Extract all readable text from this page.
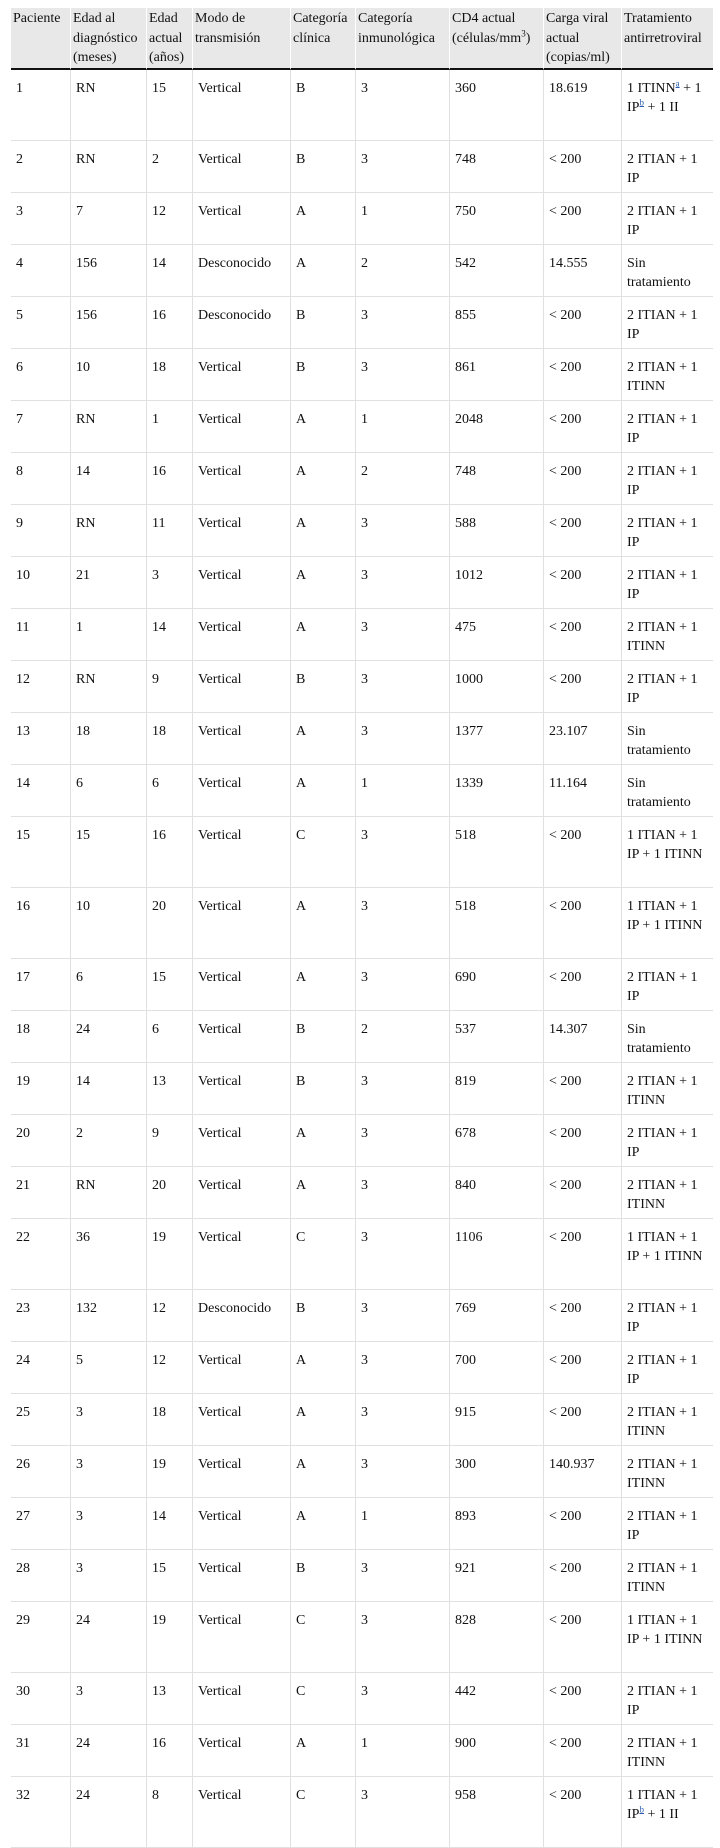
Paciente	Edad al diagnóstico (meses)	Edad actual (años)	Modo de transmisión	Categoría clínica	Categoría inmunológica	CD4 actual $(células/mm^3)$	Carga viral actual (copias/ml)	Tratamiento antirretroviral
1	RN	15	Vertical	B	3	360	18.619	1 ITINN$^a$ + 1 IP$^b$ + 1 II
2	RN	2	Vertical	B	3	748	< 200	2 ITIAN + 1 IP
3	7	12	Vertical	A	1	750	< 200	2 ITIAN + 1 IP
4	156	14	Desconocido	A	2	542	14.555	Sin tratamiento
5	156	16	Desconocido	B	3	855	< 200	2 ITIAN + 1 IP
6	10	18	Vertical	B	3	861	< 200	2 ITIAN + 1 ITINN
7	RN	1	Vertical	A	1	2048	< 200	2 ITIAN + 1 IP
8	14	16	Vertical	A	2	748	< 200	2 ITIAN + 1 IP
9	RN	11	Vertical	A	3	588	< 200	2 ITIAN + 1 IP
10	21	3	Vertical	A	3	1012	< 200	2 ITIAN + 1 IP
11	1	14	Vertical	A	3	475	< 200	2 ITIAN + 1 ITINN
12	RN	9	Vertical	B	3	1000	< 200	2 ITIAN + 1 IP
13	18	18	Vertical	A	3	1377	23.107	Sin tratamiento
14	6	6	Vertical	A	1	1339	11.164	Sin tratamiento
15	15	16	Vertical	C	3	518	< 200	1 ITIAN + 1 IP + 1 ITINN
16	10	20	Vertical	A	3	518	< 200	1 ITIAN + 1 IP + 1 ITINN
17	6	15	Vertical	A	3	690	< 200	2 ITIAN + 1 IP
18	24	6	Vertical	B	2	537	14.307	Sin tratamiento
19	14	13	Vertical	B	3	819	< 200	2 ITIAN + 1 ITINN
20	2	9	Vertical	A	3	678	< 200	2 ITIAN + 1 IP
21	RN	20	Vertical	A	3	840	< 200	2 ITIAN + 1 ITINN
22	36	19	Vertical	C	3	1106	< 200	1 ITIAN + 1 IP + 1 ITINN
23	132	12	Desconocido	B	3	769	< 200	2 ITIAN + 1 IP
24	5	12	Vertical	A	3	700	< 200	2 ITIAN + 1 IP
25	3	18	Vertical	A	3	915	< 200	2 ITIAN + 1 ITINN
26	3	19	Vertical	A	3	300	140.937	2 ITIAN + 1 ITINN
27	3	14	Vertical	A	1	893	< 200	2 ITIAN + 1 IP
28	3	15	Vertical	B	3	921	< 200	2 ITIAN + 1 ITINN
29	24	19	Vertical	C	3	828	< 200	1 ITIAN + 1 IP + 1 ITINN
30	3	13	Vertical	C	3	442	< 200	2 ITIAN + 1 IP
31	24	16	Vertical	A	1	900	< 200	2 ITIAN + 1 ITINN
32	24	8	Vertical	C	3	958	< 200	1 ITIAN + 1 IP$^b$ + 1 II
